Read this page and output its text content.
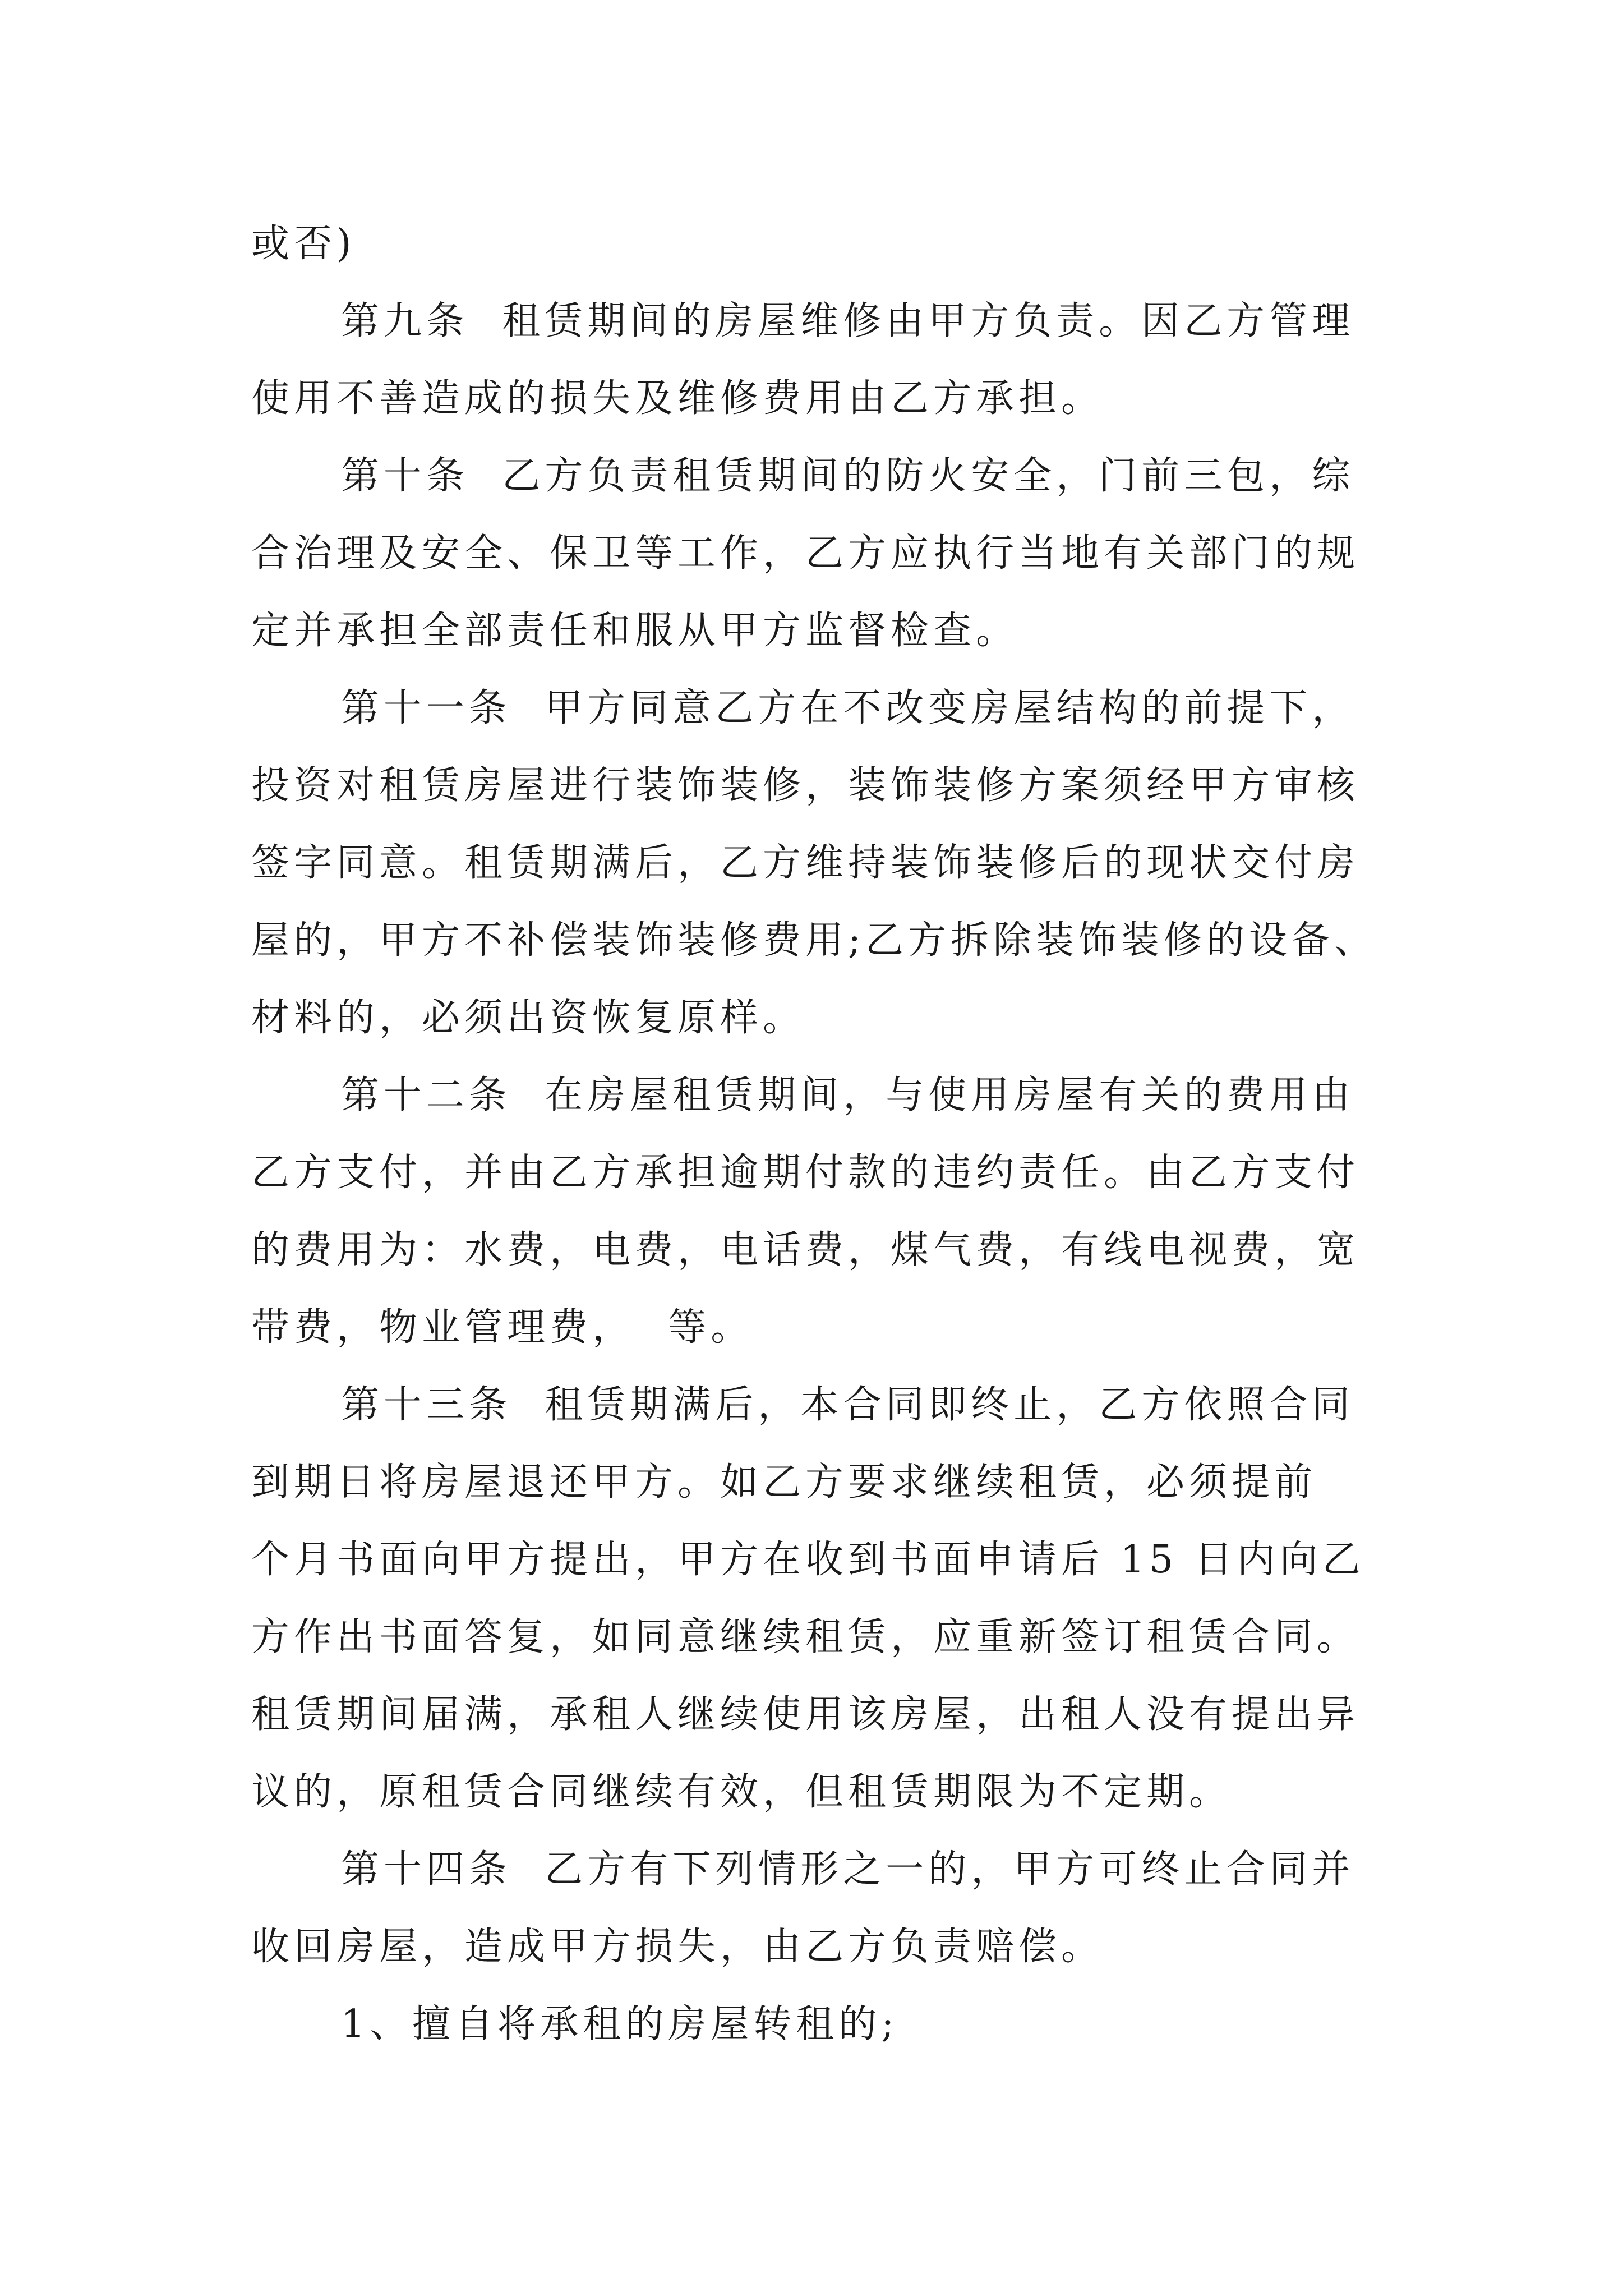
或否)
第九条  租赁期间的房屋维修由甲方负责。因乙方管理
使用不善造成的损失及维修费用由乙方承担。
第十条  乙方负责租赁期间的防火安全，门前三包，综
合治理及安全、保卫等工作，乙方应执行当地有关部门的规
定并承担全部责任和服从甲方监督检查。
第十一条  甲方同意乙方在不改变房屋结构的前提下，
投资对租赁房屋进行装饰装修，装饰装修方案须经甲方审核
签字同意。租赁期满后，乙方维持装饰装修后的现状交付房
屋的，甲方不补偿装饰装修费用;乙方拆除装饰装修的设备、
材料的，必须出资恢复原样。
第十二条  在房屋租赁期间，与使用房屋有关的费用由
乙方支付，并由乙方承担逾期付款的违约责任。由乙方支付
的费用为：水费，电费，电话费，煤气费，有线电视费，宽
带费，物业管理费，  等。
第十三条  租赁期满后，本合同即终止，乙方依照合同
到期日将房屋退还甲方。如乙方要求继续租赁，必须提前
个月书面向甲方提出，甲方在收到书面申请后 15 日内向乙
方作出书面答复，如同意继续租赁，应重新签订租赁合同。
租赁期间届满，承租人继续使用该房屋，出租人没有提出异
议的，原租赁合同继续有效，但租赁期限为不定期。
第十四条  乙方有下列情形之一的，甲方可终止合同并
收回房屋，造成甲方损失，由乙方负责赔偿。
1、擅自将承租的房屋转租的;
